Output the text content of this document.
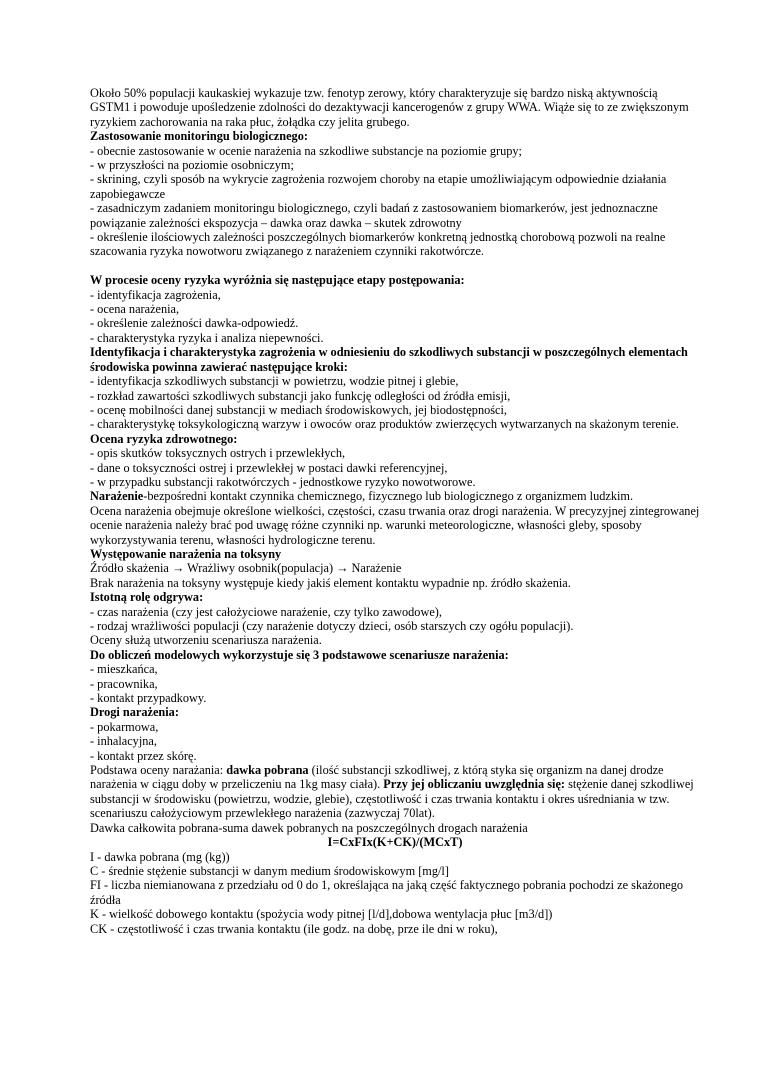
Około 50% populacji kaukaskiej wykazuje tzw. fenotyp zerowy, który charakteryzuje się bardzo niską aktywnością GSTM1 i powoduje upośledzenie zdolności do dezaktywacji kancerogenów z grupy WWA. Wiąże się to ze zwiększonym ryzykiem zachorowania na raka płuc, żołądka czy jelita grubego.

Zastosowanie monitoringu biologicznego:

- obecnie zastosowanie w ocenie narażenia na szkodliwe substancje na poziomie grupy;

- w przyszłości na poziomie osobniczym;

- skrining, czyli sposób na wykrycie zagrożenia rozwojem choroby na etapie umożliwiającym odpowiednie działania zapobiegawcze

- zasadniczym zadaniem monitoringu biologicznego, czyli badań z zastosowaniem biomarkerów, jest jednoznaczne powiązanie zależności ekspozycja – dawka oraz dawka – skutek zdrowotny

- określenie ilościowych zależności poszczególnych biomarkerów konkretną jednostką chorobową pozwoli na realne szacowania ryzyka nowotworu związanego z narażeniem czynniki rakotwórcze.

W procesie oceny ryzyka wyróżnia się następujące etapy postępowania:

- identyfikacja zagrożenia,

- ocena narażenia,

- określenie zależności dawka-odpowiedź.

- charakterystyka ryzyka i analiza niepewności.

Identyfikacja i charakterystyka zagrożenia w odniesieniu do szkodliwych substancji w poszczególnych elementach środowiska powinna zawierać następujące kroki:

- identyfikacja szkodliwych substancji w powietrzu, wodzie pitnej i glebie,

- rozkład zawartości szkodliwych substancji jako funkcję odległości od źródła emisji,

- ocenę mobilności danej substancji w mediach środowiskowych, jej biodostępności,

- charakterystykę toksykologiczną warzyw i owoców oraz produktów zwierzęcych wytwarzanych na skażonym terenie.

Ocena ryzyka zdrowotnego:

- opis skutków toksycznych ostrych i przewlekłych,

- dane o toksyczności ostrej i przewlekłej w postaci dawki referencyjnej,

- w przypadku substancji rakotwórczych - jednostkowe ryzyko nowotworowe.

Narażenie-bezpośredni kontakt czynnika chemicznego, fizycznego lub biologicznego z organizmem ludzkim.

Ocena narażenia obejmuje określone wielkości, częstości, czasu trwania oraz drogi narażenia. W precyzyjnej zintegrowanej ocenie narażenia należy brać pod uwagę różne czynniki np. warunki meteorologiczne, własności gleby, sposoby wykorzystywania terenu, własności hydrologiczne terenu.

Występowanie narażenia na toksyny

Źródło skażenia → Wrażliwy osobnik(populacja) → Narażenie

Brak narażenia na toksyny występuje kiedy jakiś element kontaktu wypadnie np. źródło skażenia.

Istotną rolę odgrywa:

- czas narażenia (czy jest całożyciowe narażenie, czy tylko zawodowe),

- rodzaj wrażliwości populacji (czy narażenie dotyczy dzieci, osób starszych czy ogółu populacji).

Oceny służą utworzeniu scenariusza narażenia.

Do obliczeń modelowych wykorzystuje się 3 podstawowe scenariusze narażenia:

- mieszkańca,

- pracownika,

- kontakt przypadkowy.

Drogi narażenia:

- pokarmowa,

- inhalacyjna,

- kontakt przez skórę.

Podstawa oceny narażania: dawka pobrana (ilość substancji szkodliwej, z którą styka się organizm na danej drodze narażenia w ciągu doby w przeliczeniu na 1kg masy ciała). Przy jej obliczaniu uwzględnia się: stężenie danej szkodliwej substancji w środowisku (powietrzu, wodzie, glebie), częstotliwość i czas trwania kontaktu i okres uśredniania w tzw. scenariuszu całożyciowym przewlekłego narażenia (zazwyczaj 70lat).

Dawka całkowita pobrana-suma dawek pobranych na poszczególnych drogach narażenia

I=CxFIx(K+CK)/(MCxT)

I - dawka pobrana (mg (kg))

C - średnie stężenie substancji w danym medium środowiskowym [mg/l]

FI - liczba niemianowana z przedziału od 0 do 1, określająca na jaką część faktycznego pobrania pochodzi ze skażonego źródła

K - wielkość dobowego kontaktu (spożycia wody pitnej [l/d],dobowa wentylacja płuc [m3/d])

CK - częstotliwość i czas trwania kontaktu (ile godz. na dobę, prze ile dni w roku),
